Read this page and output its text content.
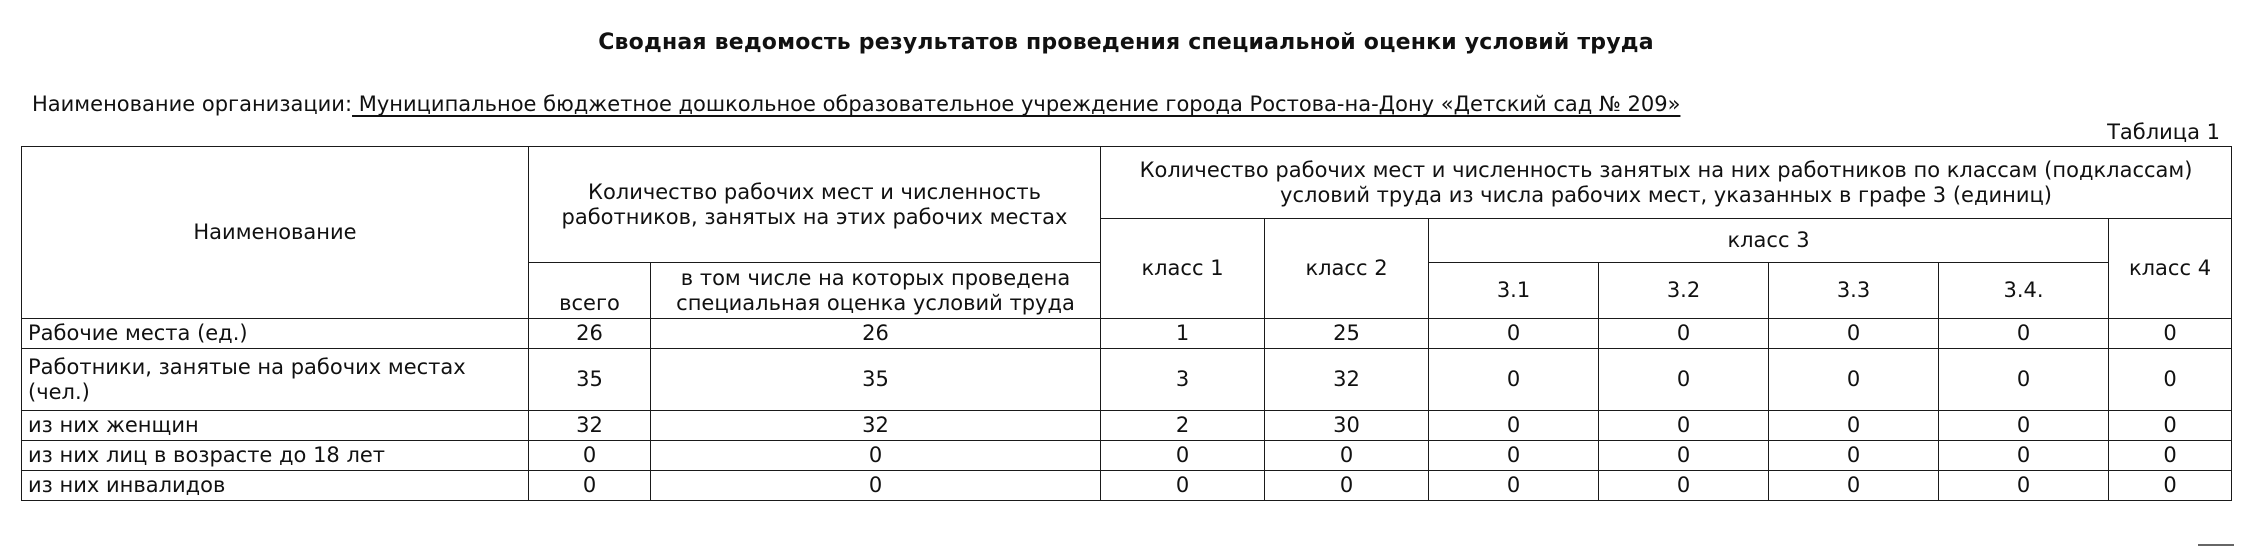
Сводная ведомость результатов проведения специальной оценки условий труда
Наименование организации: Муниципальное бюджетное дошкольное образовательное учреждение города Ростова-на-Дону «Детский сад № 209»
Таблица 1
Наименование	Количество рабочих мест и численность работников, занятых на этих рабочих местах		Количество рабочих мест и численность занятых на них работников по классам (подклассам) условий труда из числа рабочих мест, указанных в графе 3 (единиц)						
			класс 1	класс 2	класс 3				класс 4
	всего	в том числе на которых проведена специальная оценка условий труда			3.1	3.2	3.3	3.4.	
Рабочие места (ед.)	26	26	1	25	0	0	0	0	0
Работники, занятые на рабочих местах (чел.)	35	35	3	32	0	0	0	0	0
из них женщин	32	32	2	30	0	0	0	0	0
из них лиц в возрасте до 18 лет	0	0	0	0	0	0	0	0	0
из них инвалидов	0	0	0	0	0	0	0	0	0
